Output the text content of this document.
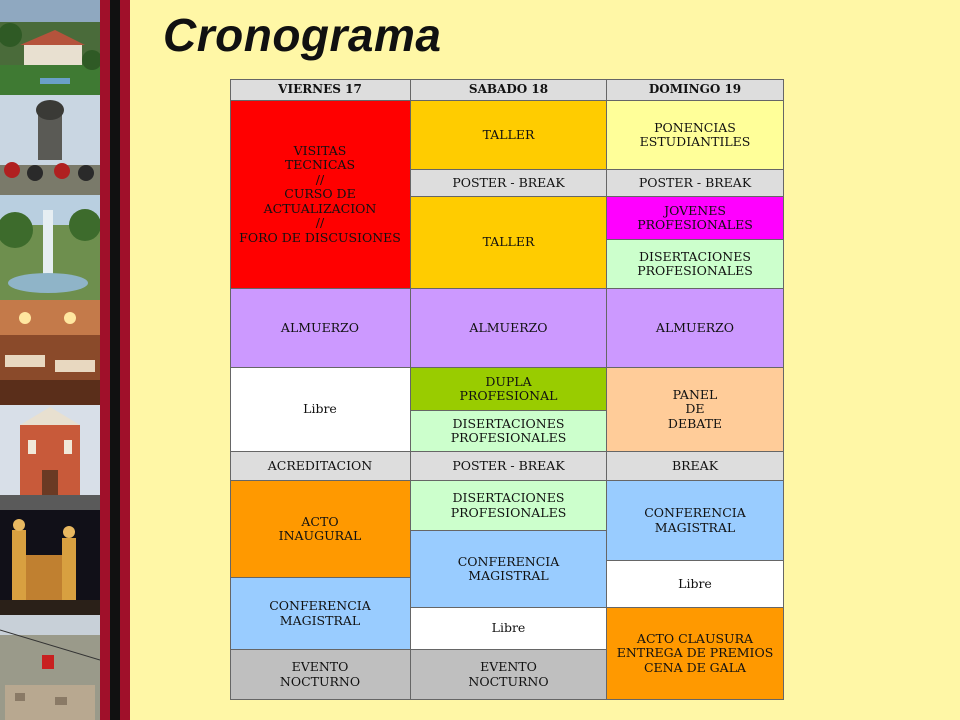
Cronograma
VIERNES 17	SABADO 18	DOMINGO 19
VISITAS
TECNICAS
//
CURSO DE
ACTUALIZACION
//
FORO DE DISCUSIONES
ALMUERZO
Libre
ACREDITACION
ACTO
INAUGURAL
CONFERENCIA
MAGISTRAL
EVENTO
NOCTURNO
TALLER
POSTER - BREAK
TALLER
ALMUERZO
DUPLA
PROFESIONAL
DISERTACIONES
PROFESIONALES
POSTER - BREAK
DISERTACIONES
PROFESIONALES
CONFERENCIA
MAGISTRAL
Libre
EVENTO
NOCTURNO
PONENCIAS
ESTUDIANTILES
POSTER - BREAK
JOVENES
PROFESIONALES
DISERTACIONES
PROFESIONALES
ALMUERZO
PANEL
DE
DEBATE
BREAK
CONFERENCIA
MAGISTRAL
Libre
ACTO CLAUSURA
ENTREGA DE PREMIOS
CENA DE GALA
